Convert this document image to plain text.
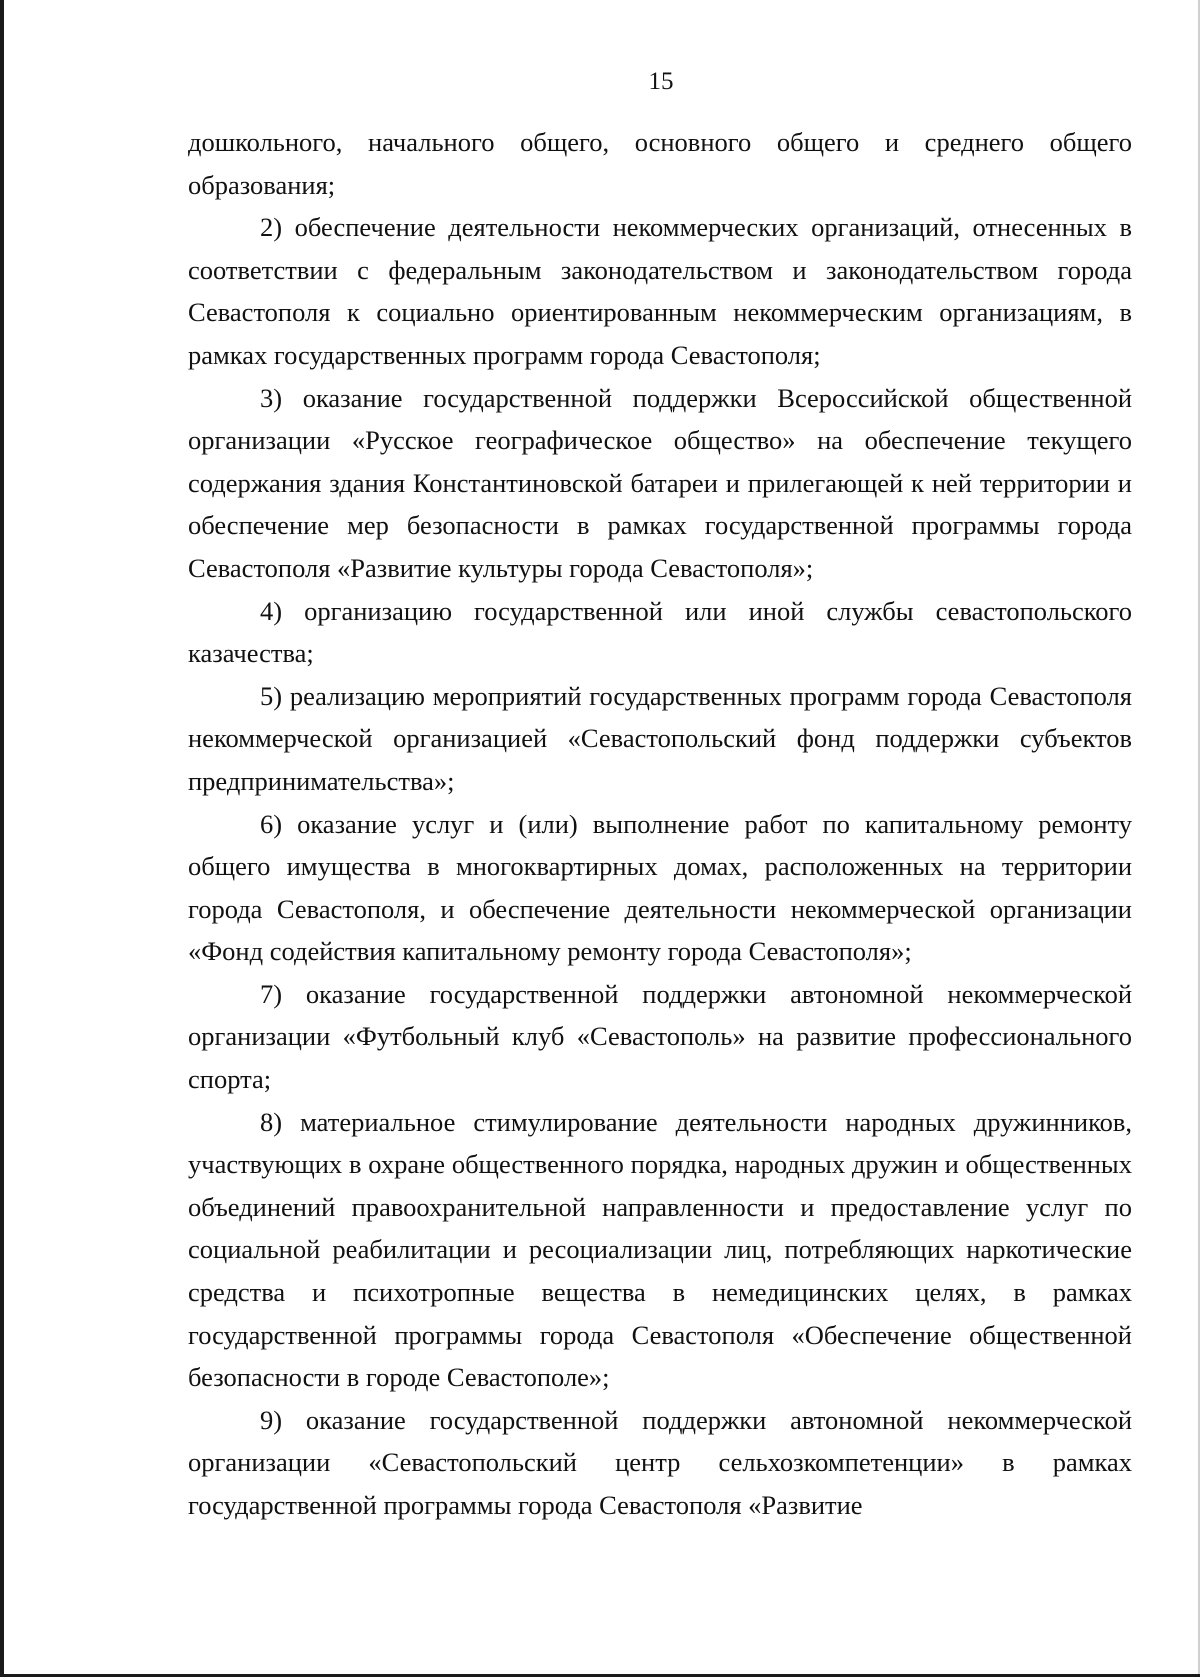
15

дошкольного, начального общего, основного общего и среднего общего образования;

2) обеспечение деятельности некоммерческих организаций, отнесенных в соответствии с федеральным законодательством и законодательством города Севастополя к социально ориентированным некоммерческим организациям, в рамках государственных программ города Севастополя;

3) оказание государственной поддержки Всероссийской общественной организации «Русское географическое общество» на обеспечение текущего содержания здания Константиновской батареи и прилегающей к ней территории и обеспечение мер безопасности в рамках государственной программы города Севастополя «Развитие культуры города Севастополя»;

4) организацию государственной или иной службы севастопольского казачества;

5) реализацию мероприятий государственных программ города Севастополя некоммерческой организацией «Севастопольский фонд поддержки субъектов предпринимательства»;

6) оказание услуг и (или) выполнение работ по капитальному ремонту общего имущества в многоквартирных домах, расположенных на территории города Севастополя, и обеспечение деятельности некоммерческой организации «Фонд содействия капитальному ремонту города Севастополя»;

7) оказание государственной поддержки автономной некоммерческой организации «Футбольный клуб «Севастополь» на развитие профессионального спорта;

8) материальное стимулирование деятельности народных дружинников, участвующих в охране общественного порядка, народных дружин и общественных объединений правоохранительной направленности и предоставление услуг по социальной реабилитации и ресоциализации лиц, потребляющих наркотические средства и психотропные вещества в немедицинских целях, в рамках государственной программы города Севастополя «Обеспечение общественной безопасности в городе Севастополе»;

9) оказание государственной поддержки автономной некоммерческой организации «Севастопольский центр сельхозкомпетенции» в рамках государственной программы города Севастополя «Развитие
